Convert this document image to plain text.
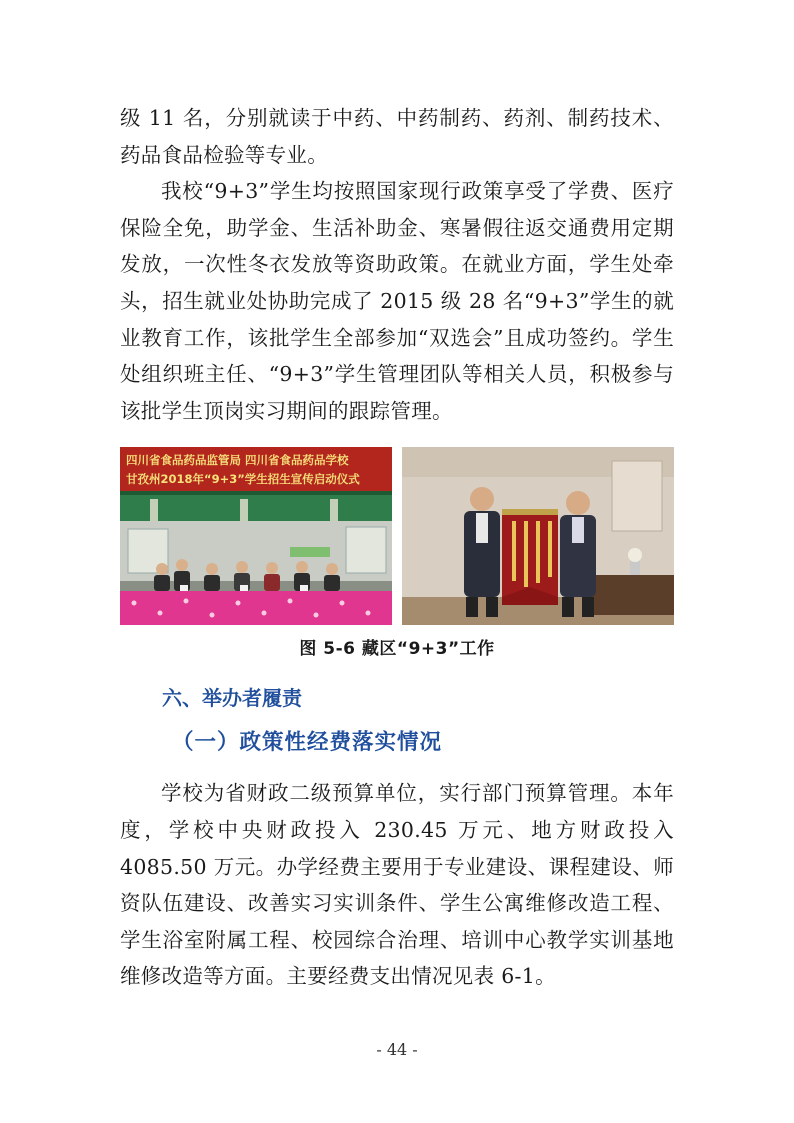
级 11 名，分别就读于中药、中药制药、药剂、制药技术、药品食品检验等专业。

我校“9+3”学生均按照国家现行政策享受了学费、医疗保险全免，助学金、生活补助金、寒暑假往返交通费用定期发放，一次性冬衣发放等资助政策。在就业方面，学生处牵头，招生就业处协助完成了 2015 级 28 名“9+3”学生的就业教育工作，该批学生全部参加“双选会”且成功签约。学生处组织班主任、“9+3”学生管理团队等相关人员，积极参与该批学生顶岗实习期间的跟踪管理。

四川省食品药品监管局 四川省食品药品学校
甘孜州2018年“9+3”学生招生宣传启动仪式
图 5-6 藏区“9+3”工作
六、举办者履责
（一）政策性经费落实情况

学校为省财政二级预算单位，实行部门预算管理。本年度，学校中央财政投入 230.45 万元、地方财政投入 4085.50 万元。办学经费主要用于专业建设、课程建设、师资队伍建设、改善实习实训条件、学生公寓维修改造工程、学生浴室附属工程、校园综合治理、培训中心教学实训基地维修改造等方面。主要经费支出情况见表 6-1。

- 44 -
